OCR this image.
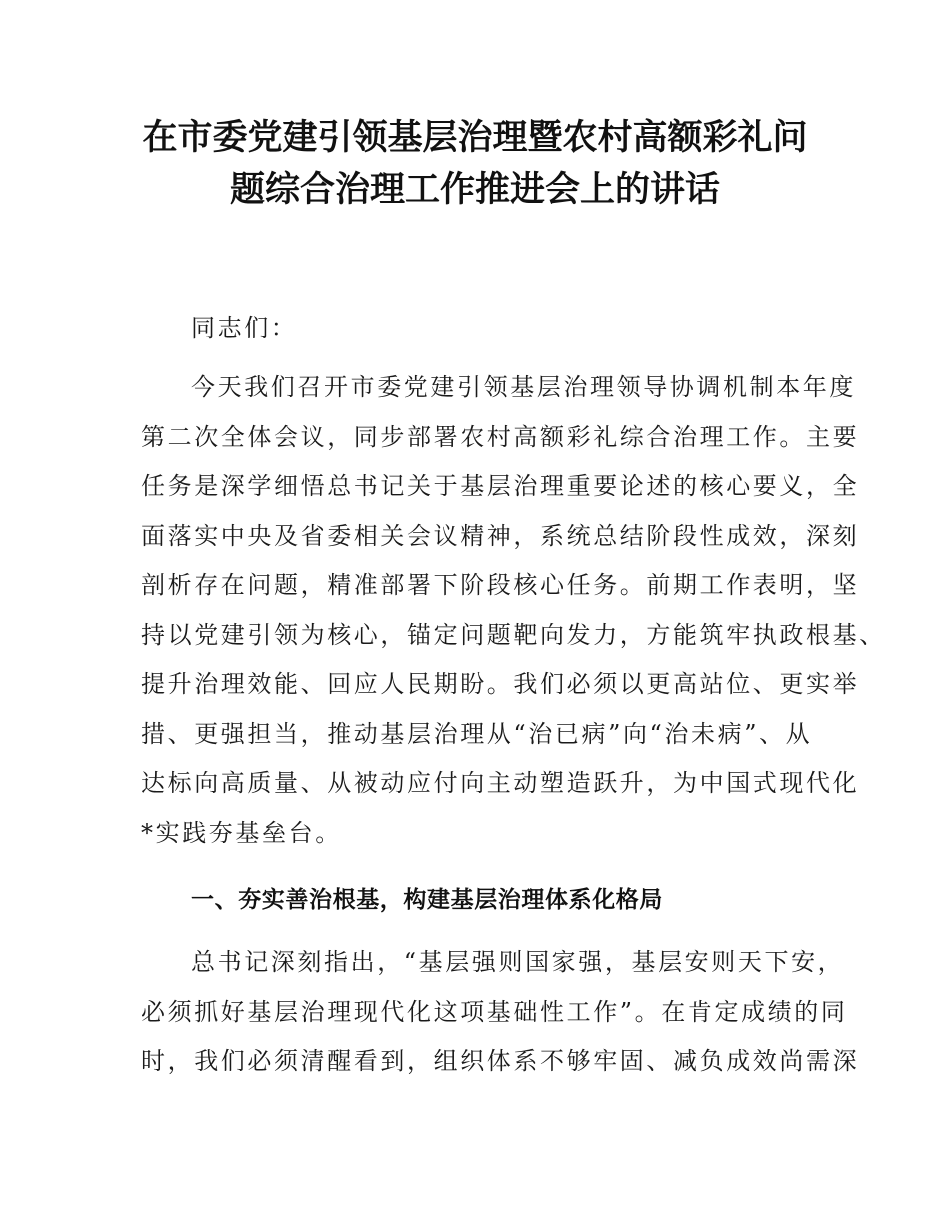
在市委党建引领基层治理暨农村高额彩礼问
题综合治理工作推进会上的讲话

同志们：

今天我们召开市委党建引领基层治理领导协调机制本年度
第二次全体会议，同步部署农村高额彩礼综合治理工作。主要
任务是深学细悟总书记关于基层治理重要论述的核心要义，全
面落实中央及省委相关会议精神，系统总结阶段性成效，深刻
剖析存在问题，精准部署下阶段核心任务。前期工作表明，坚
持以党建引领为核心，锚定问题靶向发力，方能筑牢执政根基、
提升治理效能、回应人民期盼。我们必须以更高站位、更实举
措、更强担当，推动基层治理从“治已病”向“治未病”、从
达标向高质量、从被动应付向主动塑造跃升，为中国式现代化
*实践夯基垒台。

一、夯实善治根基，构建基层治理体系化格局

总书记深刻指出，“基层强则国家强，基层安则天下安，
必须抓好基层治理现代化这项基础性工作”。在肯定成绩的同
时，我们必须清醒看到，组织体系不够牢固、减负成效尚需深
